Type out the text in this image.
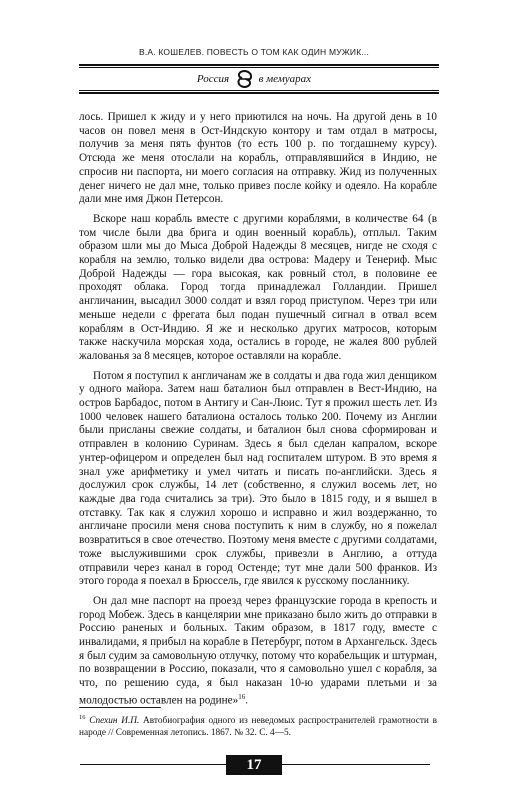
В.А. КОШЕЛЕВ. ПОВЕСТЬ О ТОМ КАК ОДИН МУЖИК...
Россия	в мемуарах

лось. Пришел к жиду и у него приютился на ночь. На другой день в 10 часов он повел меня в Ост-Индскую контору и там отдал в матросы, получив за меня пять фунтов (то есть 100 р. по тогдашнему курсу). Отсюда же меня отослали на корабль, отправлявшийся в Индию, не спросив ни паспорта, ни моего согласия на отправку. Жид из полученных денег ничего не дал мне, только привез после койку и одеяло. На корабле дали мне имя Джон Петерсон.

Вскоре наш корабль вместе с другими кораблями, в количестве 64 (в том числе были два брига и один военный корабль), отплыл. Таким образом шли мы до Мыса Доброй Надежды 8 месяцев, нигде не сходя с корабля на землю, только видели два острова: Мадеру и Тенериф. Мыс Доброй Надежды — гора высокая, как ровный стол, в половине ее проходят облака. Город тогда принадлежал Голландии. Пришел англичанин, высадил 3000 солдат и взял город приступом. Через три или меньше недели с фрегата был подан пушечный сигнал в отвал всем кораблям в Ост-Индию. Я же и несколько других матросов, которым также наскучила морская хода, остались в городе, не жалея 800 рублей жалованья за 8 месяцев, которое оставляли на корабле.

Потом я поступил к англичанам же в солдаты и два года жил денщиком у одного майора. Затем наш баталион был отправлен в Вест-Индию, на остров Барбадос, потом в Антигу и Сан-Люис. Тут я прожил шесть лет. Из 1000 человек нашего баталиона осталось только 200. Почему из Англии были присланы свежие солдаты, и баталион был снова сформирован и отправлен в колонию Суринам. Здесь я был сделан капралом, вскоре унтер-офицером и определен был над госпиталем штуром. В это время я знал уже арифметику и умел читать и писать по-английски. Здесь я дослужил срок службы, 14 лет (собственно, я служил восемь лет, но каждые два года считались за три). Это было в 1815 году, и я вышел в отставку. Так как я служил хорошо и исправно и жил воздержанно, то англичане просили меня снова поступить к ним в службу, но я пожелал возвратиться в свое отечество. Поэтому меня вместе с другими солдатами, тоже выслужившими срок службы, привезли в Англию, а оттуда отправили через канал в город Остенде; тут мне дали 500 франков. Из этого города я поехал в Брюссель, где явился к русскому посланнику.

Он дал мне паспорт на проезд через французские города в крепость и город Мобеж. Здесь в канцелярии мне приказано было жить до отправки в Россию раненых и больных. Таким образом, в 1817 году, вместе с инвалидами, я прибыл на корабле в Петербург, потом в Архангельск. Здесь я был судим за самовольную отлучку, потому что корабельщик и штурман, по возвращении в Россию, показали, что я самовольно ушел с корабля, за что, по решению суда, я был наказан 10-ю ударами плетьми и за молодостью оставлен на родине»$^{16}$.

$^{16}$ Спехин И.П. Автобиография одного из неведомых распространителей грамотности в народе // Современная летопись. 1867. № 32. С. 4—5.
17
